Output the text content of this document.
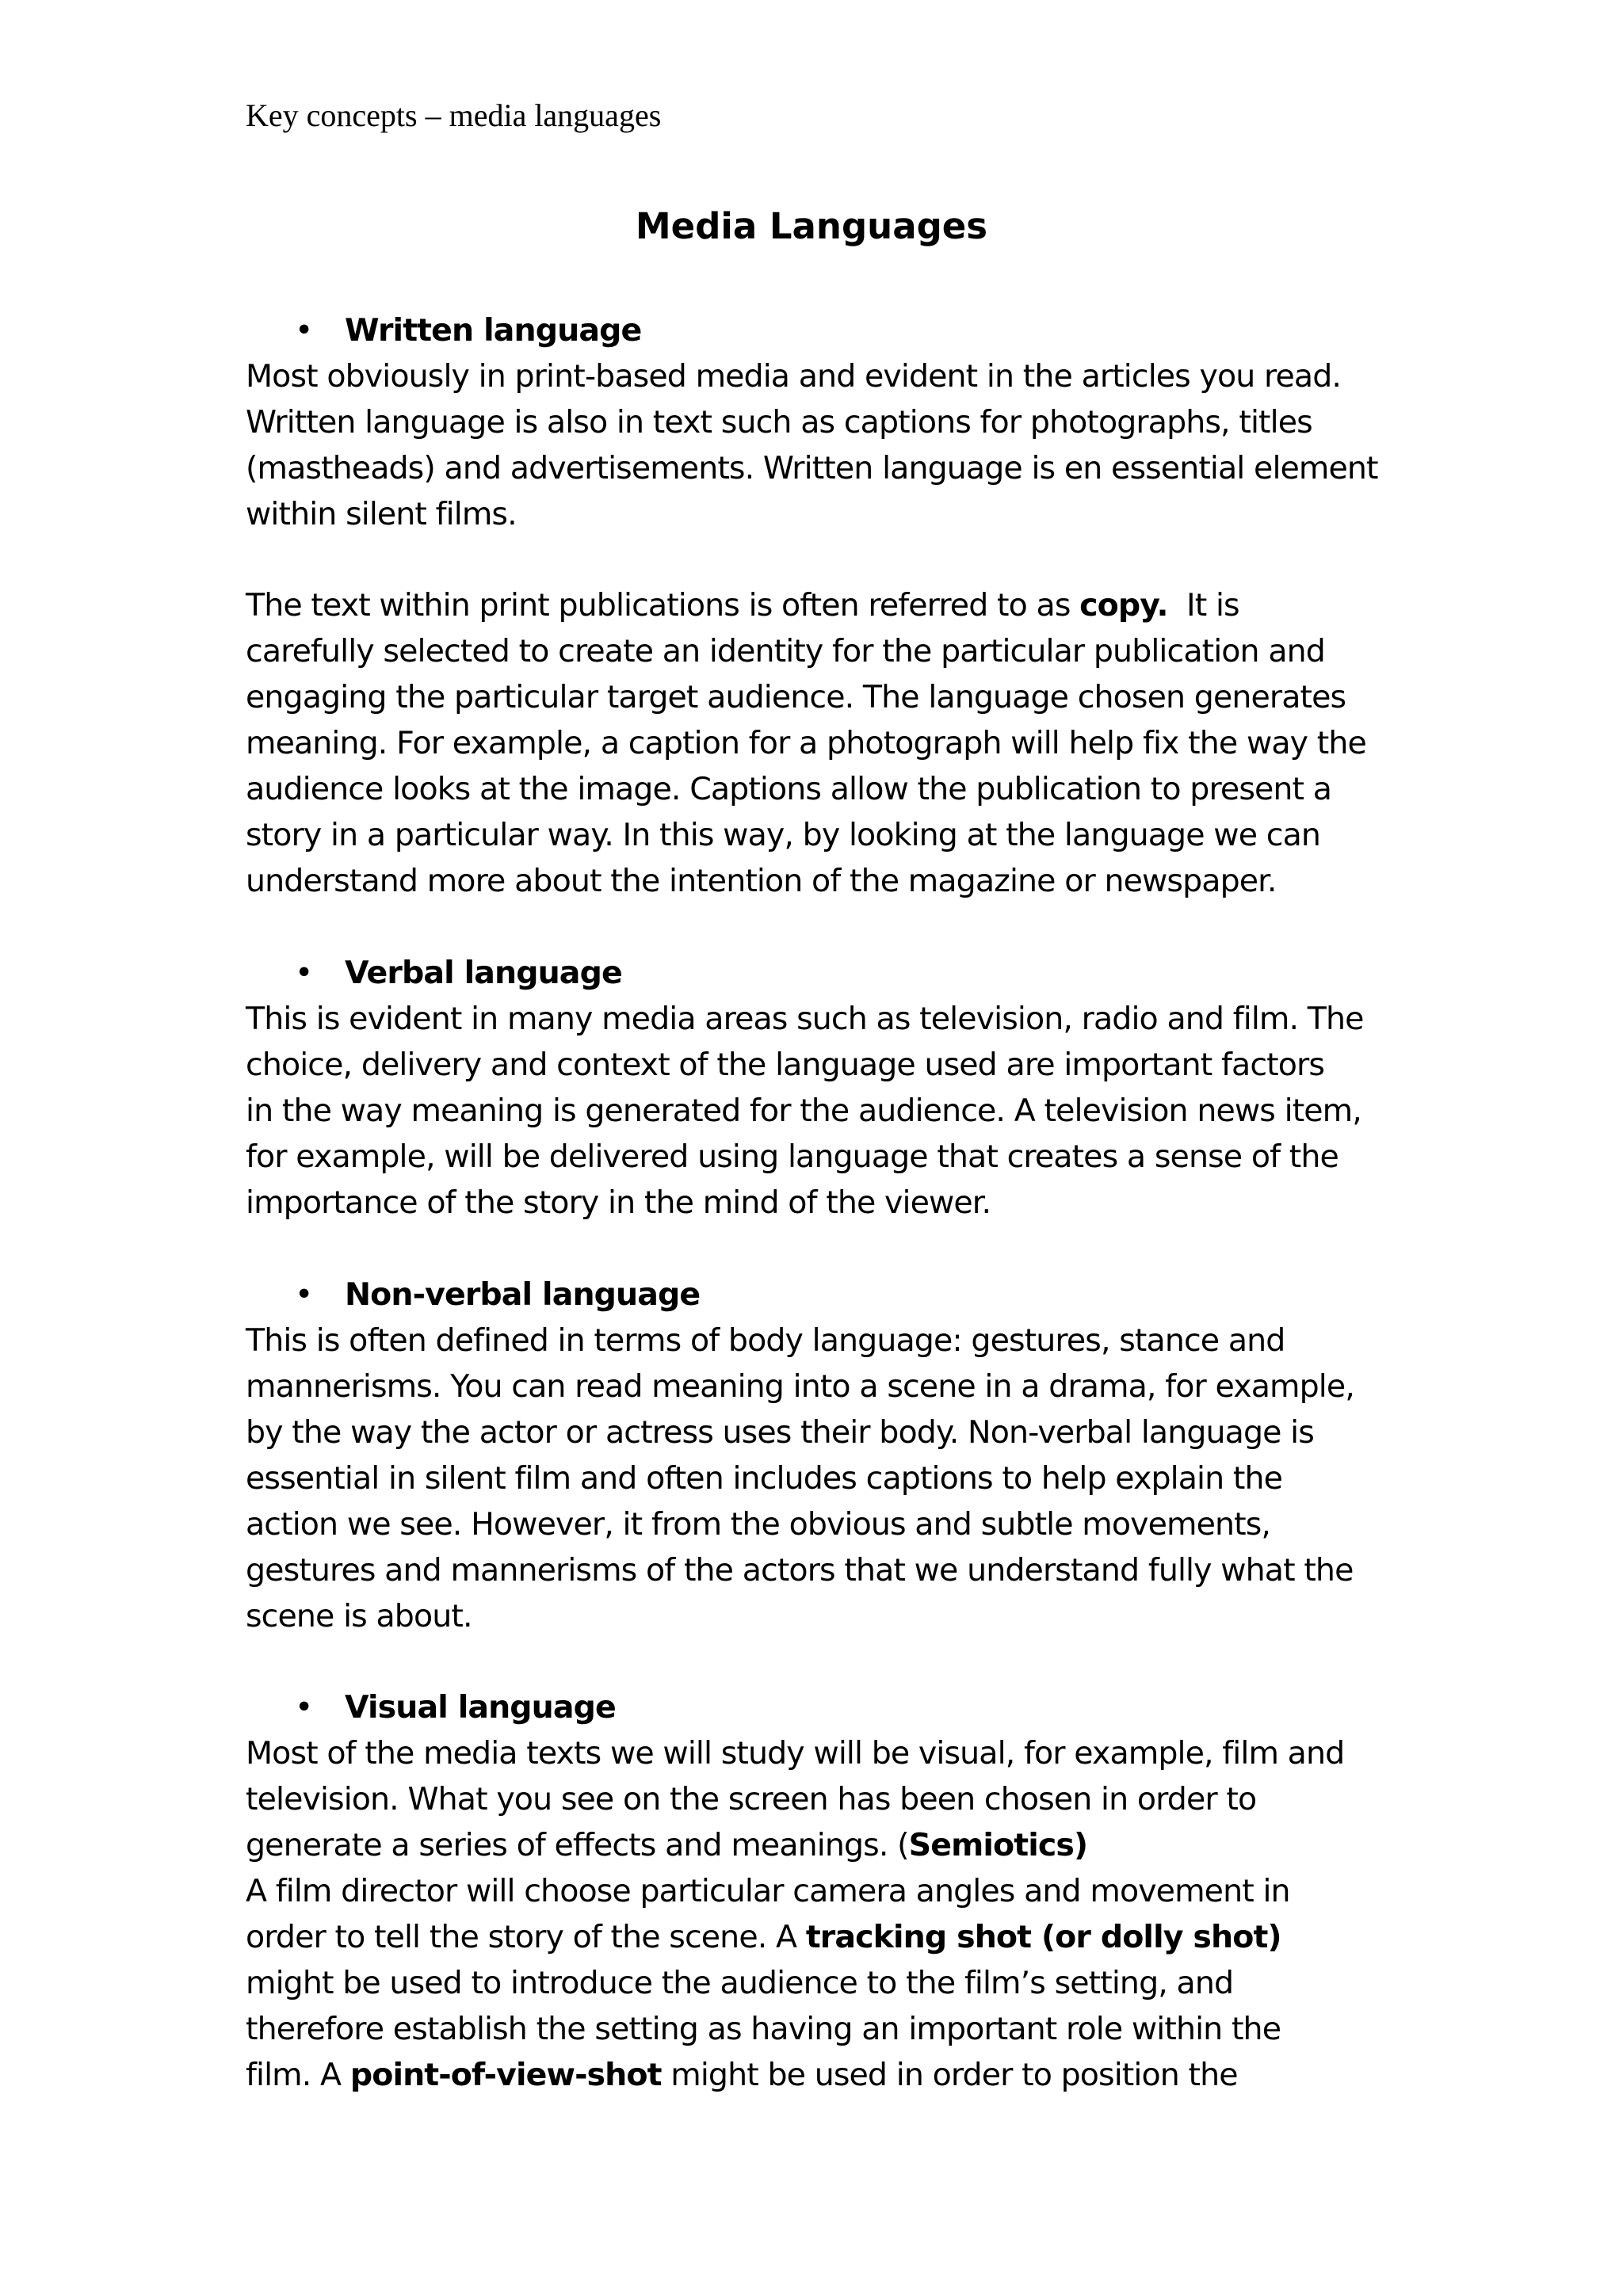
Key concepts – media languages
Media Languages
• Written language
Most obviously in print-based media and evident in the articles you read.
Written language is also in text such as captions for photographs, titles
(mastheads) and advertisements. Written language is en essential element
within silent films.
The text within print publications is often referred to as copy.  It is
carefully selected to create an identity for the particular publication and
engaging the particular target audience. The language chosen generates
meaning. For example, a caption for a photograph will help fix the way the
audience looks at the image. Captions allow the publication to present a
story in a particular way. In this way, by looking at the language we can
understand more about the intention of the magazine or newspaper.
• Verbal language
This is evident in many media areas such as television, radio and film. The
choice, delivery and context of the language used are important factors
in the way meaning is generated for the audience. A television news item,
for example, will be delivered using language that creates a sense of the
importance of the story in the mind of the viewer.
• Non-verbal language
This is often defined in terms of body language: gestures, stance and
mannerisms. You can read meaning into a scene in a drama, for example,
by the way the actor or actress uses their body. Non-verbal language is
essential in silent film and often includes captions to help explain the
action we see. However, it from the obvious and subtle movements,
gestures and mannerisms of the actors that we understand fully what the
scene is about.
• Visual language
Most of the media texts we will study will be visual, for example, film and
television. What you see on the screen has been chosen in order to
generate a series of effects and meanings. (Semiotics)
A film director will choose particular camera angles and movement in
order to tell the story of the scene. A tracking shot (or dolly shot)
might be used to introduce the audience to the film’s setting, and
therefore establish the setting as having an important role within the
film. A point-of-view-shot might be used in order to position the
